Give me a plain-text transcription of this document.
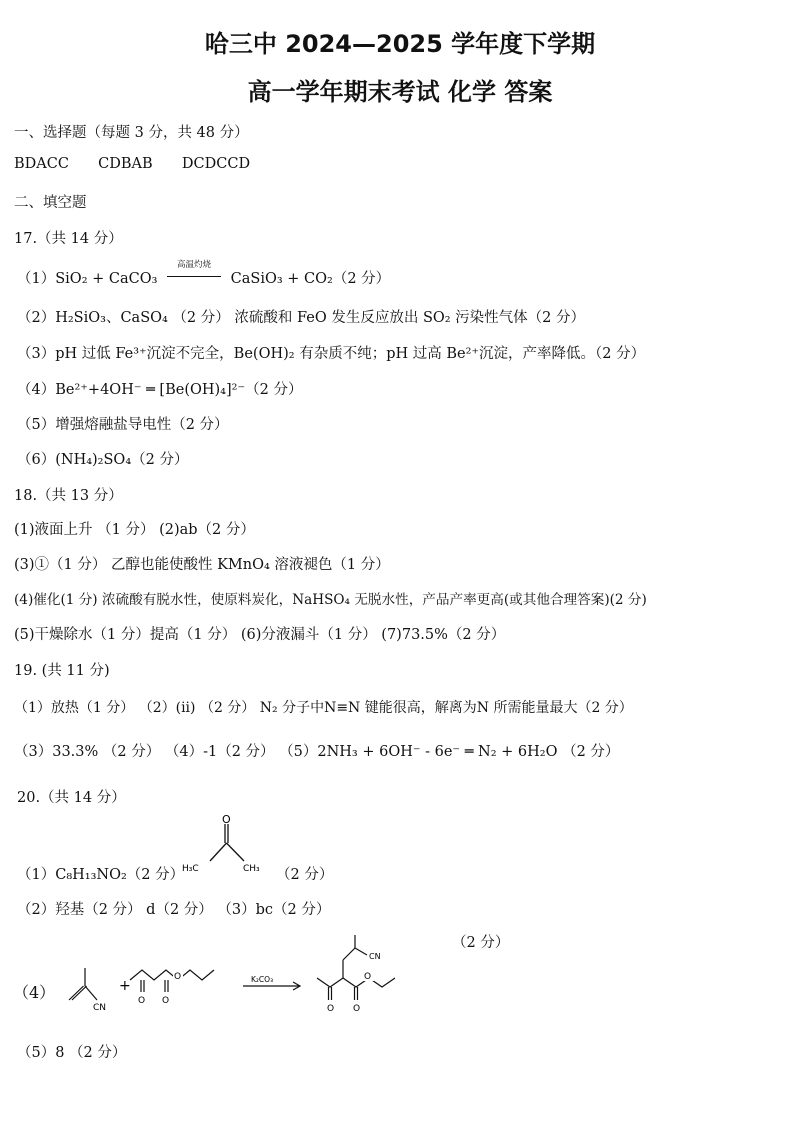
哈三中 2024—2025 学年度下学期
高一学年期末考试 化学 答案
一、选择题（每题 3 分，共 48 分）
BDACC CDBAB DCDCCD
二、填空题
17.（共 14 分）
（1）SiO₂ + CaCO₃
高温灼烧
CaSiO₃ + CO₂（2 分）
（2）H₂SiO₃、CaSO₄ （2 分） 浓硫酸和 FeO 发生反应放出 SO₂ 污染性气体（2 分）
（3）pH 过低 Fe³⁺沉淀不完全，Be(OH)₂ 有杂质不纯；pH 过高 Be²⁺沉淀，产率降低。（2 分）
（4）Be²⁺+4OH⁻ ═ [Be(OH)₄]²⁻（2 分）
（5）增强熔融盐导电性（2 分）
（6）(NH₄)₂SO₄（2 分）
18.（共 13 分）
(1)液面上升 （1 分） (2)ab（2 分）
(3)①（1 分） 乙醇也能使酸性 KMnO₄ 溶液褪色（1 分）
(4)催化(1 分) 浓硫酸有脱水性，使原料炭化，NaHSO₄ 无脱水性，产品产率更高(或其他合理答案)(2 分)
(5)干燥除水（1 分）提高（1 分） (6)分液漏斗（1 分） (7)73.5%（2 分）
19. (共 11 分)
（1）放热（1 分） （2）(ii) （2 分） N₂ 分子中N≡N 键能很高，解离为N 所需能量最大（2 分）
（3）33.3% （2 分） （4）-1（2 分） （5）2NH₃ + 6OH⁻ - 6e⁻ ═ N₂ + 6H₂O （2 分）
20.（共 14 分）
（1）C₈H₁₃NO₂（2 分）
O
H₃C	CH₃ （2 分）
（2）羟基（2 分） d（2 分） （3）bc（2 分）
（2 分）
（4）
CN
+
O O
O	K₂CO₃
O
CN
O
O
（5）8 （2 分）
